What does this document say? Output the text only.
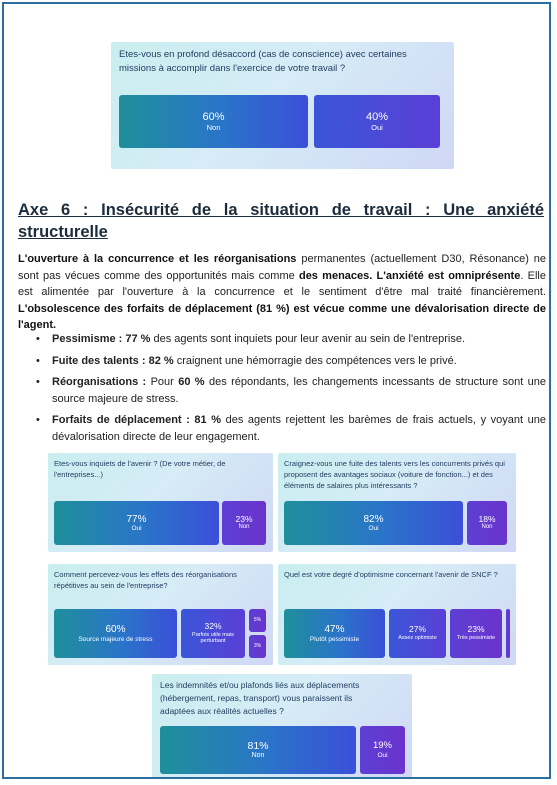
Etes-vous en profond désaccord (cas de conscience) avec certaines missions à accomplir dans l'exercice de votre travail ?
60%
Non
40%
Oui
Axe 6 : Insécurité de la situation de travail : Une anxiété
structurelle
L'ouverture à la concurrence et les réorganisations permanentes (actuellement D30, Résonance) ne sont pas vécues comme des opportunités mais comme des menaces. L'anxiété est omniprésente. Elle est alimentée par l'ouverture à la concurrence et le sentiment d'être mal traité financièrement. L'obsolescence des forfaits de déplacement (81 %) est vécue comme une dévalorisation directe de l'agent.
• Pessimisme : 77 % des agents sont inquiets pour leur avenir au sein de l'entreprise.
• Fuite des talents : 82 % craignent une hémorragie des compétences vers le privé.
• Réorganisations : Pour 60 % des répondants, les changements incessants de structure sont une source majeure de stress.
• Forfaits de déplacement : 81 % des agents rejettent les barèmes de frais actuels, y voyant une dévalorisation directe de leur engagement.
Etes-vous inquiets de l'avenir ? (De votre métier, de l'entreprises...)
77%
Oui
23%
Non
Craignez-vous une fuite des talents vers les concurrents privés qui proposent des avantages sociaux (voiture de fonction...) et des éléments de salaires plus intéressants ?
82%
Oui
18%
Non
Comment percevez-vous les effets des réorganisations répétitives au sein de l'entreprise?
60%
Source majeure de stress
32%
Parfois utile mais perturbant
5%
3%
Quel est votre degré d'optimisme concernant l'avenir de SNCF ?
47%
Plutôt pessimiste
27%
Assez optimiste
23%
Très pessimiste
Les indemnités et/ou plafonds liés aux déplacements (hébergement, repas, transport) vous paraissent ils adaptées aux réalités actuelles ?
81%
Non
19%
Oui
